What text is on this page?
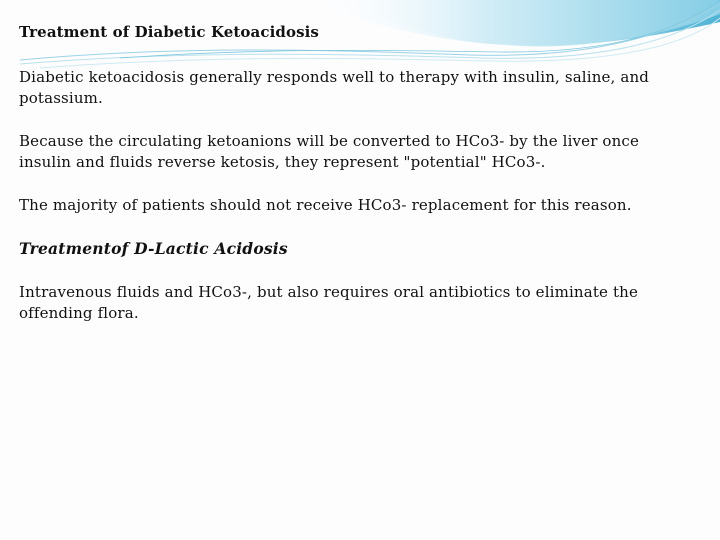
Treatment of Diabetic Ketoacidosis

Diabetic ketoacidosis generally responds well to therapy with insulin, saline, and potassium.

Because the circulating ketoanions will be converted to HCo3- by the liver once insulin and fluids reverse ketosis, they represent "potential" HCo3-.

The majority of patients should not receive HCo3- replacement for this reason.

Treatmentof D-Lactic Acidosis

Intravenous fluids and HCo3-, but also requires oral antibiotics to eliminate the offending flora.
